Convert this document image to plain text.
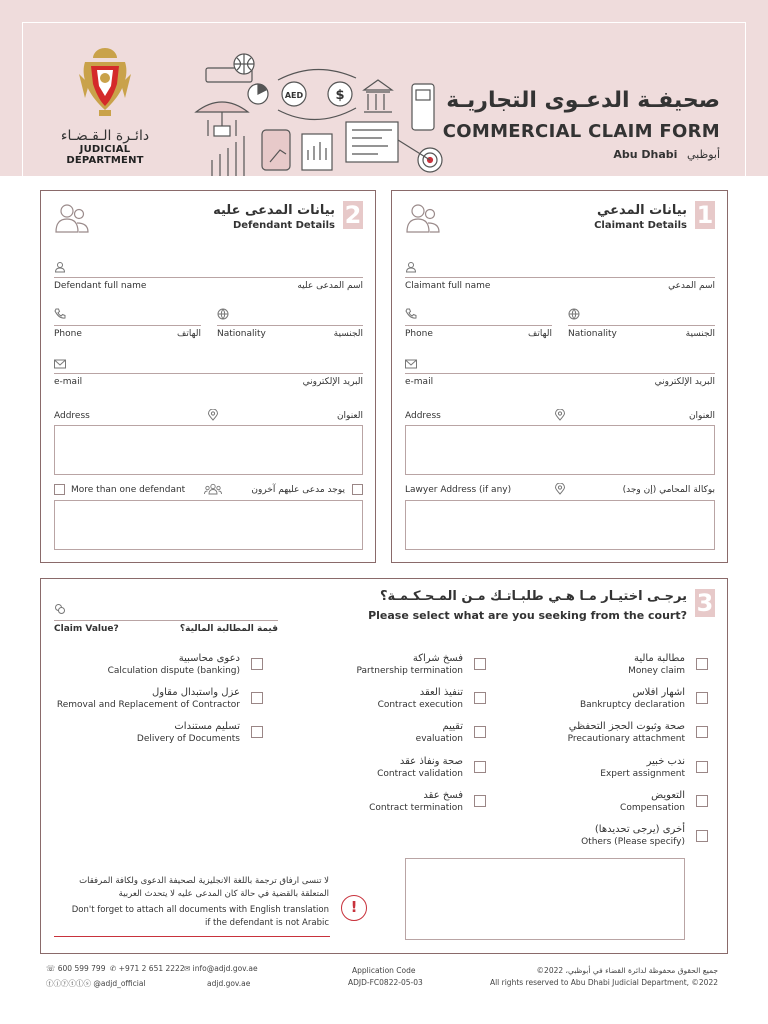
دائـرة الـقـضـاء
JUDICIAL DEPARTMENT
AED $	صحيفـة الدعـوى التجاريـة
COMMERCIAL CLAIM FORM
Abu Dhabi أبوظبي
2
بيانات المدعى عليه
Defendant Details
Defendant full name	اسم المدعى عليه
Phone	الهاتف Nationality	الجنسية
e-mail	البريد الإلكتروني
Address	العنوان
More than one defendant	يوجد مدعى عليهم آخرون
1
بيانات المدعي
Claimant Details
Claimant full name	اسم المدعي
Phone	الهاتف Nationality	الجنسية
e-mail	البريد الإلكتروني
Address	العنوان
Lawyer Address (if any)	بوكالة المحامي (إن وجد)
3
يرجـى اختيـار مـا هـي طلبـاتـك مـن المـحـكـمـة؟
Please select what are you seeking from the court?
Claim Value?	قيمة المطالبة المالية؟
مطالبة مالية
Money claim
اشهار افلاس
Bankruptcy declaration
صحة وثبوت الحجز التحفظي
Precautionary attachment
ندب خبير
Expert assignment
التعويض
Compensation
أخرى (يرجى تحديدها)
Others (Please specify)
فسخ شراكة
Partnership termination
تنفيذ العقد
Contract execution
تقييم
evaluation
صحة ونفاذ عقد
Contract validation
فسخ عقد
Contract termination
دعوى محاسبية
Calculation dispute (banking)
عزل واستبدال مقاول
Removal and Replacement of Contractor
تسليم مستندات
Delivery of Documents
لا تنسى ارفاق ترجمة باللغة الانجليزية لصحيفة الدعوى ولكافة المرفقات
المتعلقة بالقضية في حالة كان المدعى عليه لا يتحدث العربية
Don't forget to attach all documents with English translation
if the defendant is not Arabic
!
☏ 600 599 799 ✆ +971 2 651 2222 ✉ info@adjd.gov.ae
ⓕⓘⓨⓣⓛⓢ @adjd_official	adjd.gov.ae
Application Code
ADJD-FC0822-05-03
جميع الحقوق محفوظة لدائرة القضاء في أبوظبي، 2022©
All rights reserved to Abu Dhabi Judicial Department, ©2022
